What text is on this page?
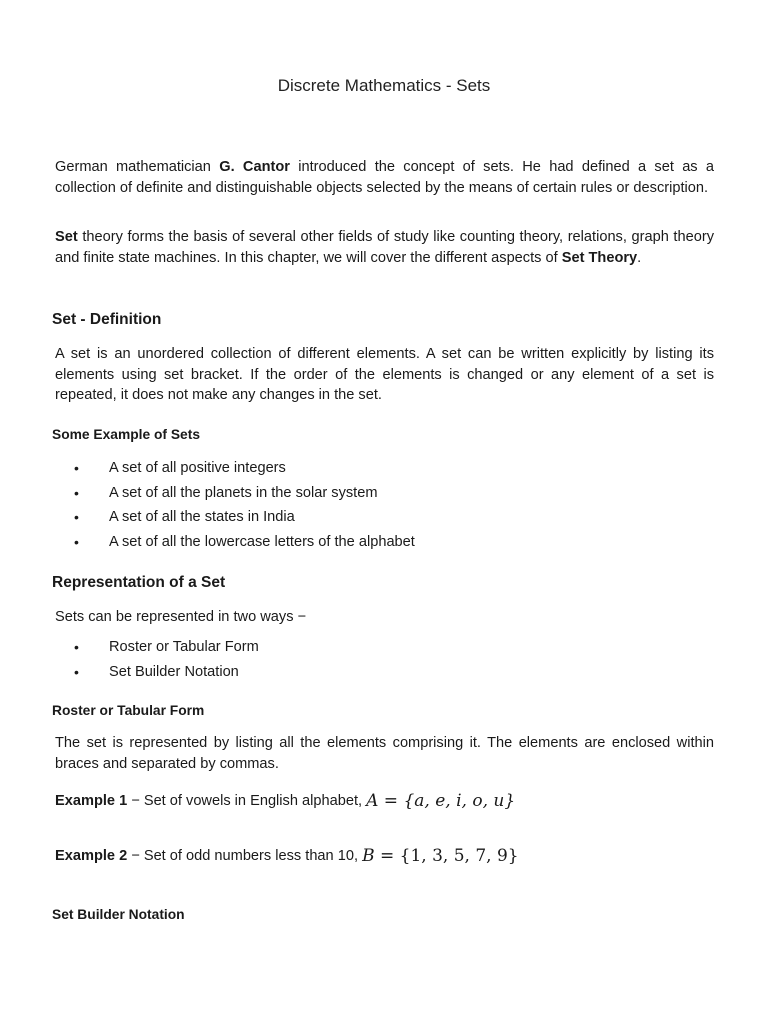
Discrete Mathematics - Sets

German mathematician G. Cantor introduced the concept of sets. He had defined a set as a collection of definite and distinguishable objects selected by the means of certain rules or description.

Set theory forms the basis of several other fields of study like counting theory, relations, graph theory and finite state machines. In this chapter, we will cover the different aspects of Set Theory.

Set - Definition

A set is an unordered collection of different elements. A set can be written explicitly by listing its elements using set bracket. If the order of the elements is changed or any element of a set is repeated, it does not make any changes in the set.

Some Example of Sets
• A set of all positive integers
• A set of all the planets in the solar system
• A set of all the states in India
• A set of all the lowercase letters of the alphabet
Representation of a Set

Sets can be represented in two ways −

• Roster or Tabular Form
• Set Builder Notation
Roster or Tabular Form

The set is represented by listing all the elements comprising it. The elements are enclosed within braces and separated by commas.

Example 1 − Set of vowels in English alphabet, A = {a, e, i, o, u}
Example 2 − Set of odd numbers less than 10, B = {1, 3, 5, 7, 9}
Set Builder Notation
